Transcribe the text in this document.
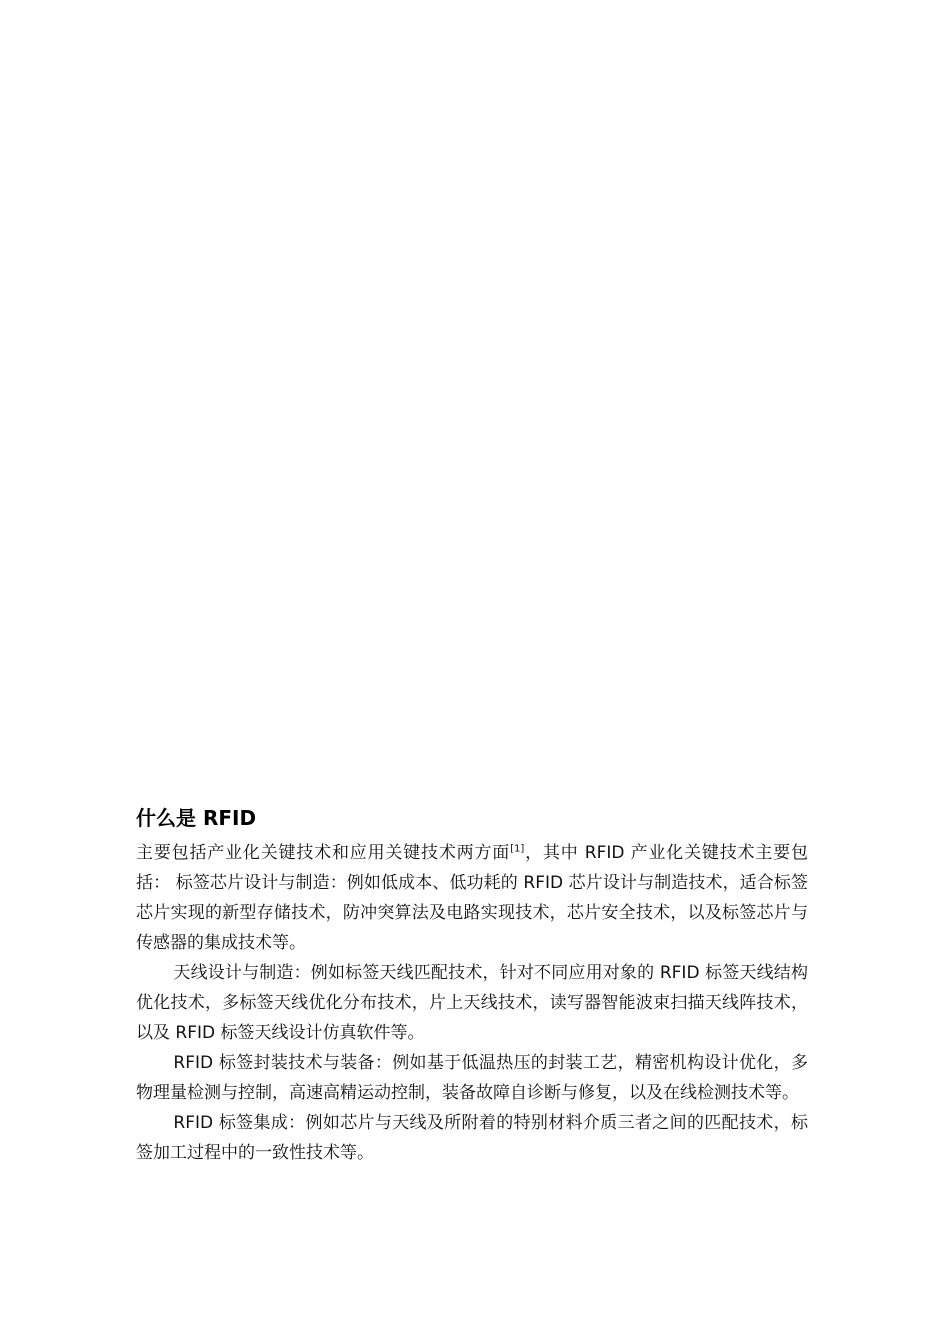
什么是 RFID

主要包括产业化关键技术和应用关键技术两方面[1]，其中 RFID 产业化关键技术主要包括： 标签芯片设计与制造：例如低成本、低功耗的 RFID 芯片设计与制造技术，适合标签芯片实现的新型存储技术，防冲突算法及电路实现技术，芯片安全技术，以及标签芯片与传感器的集成技术等。

天线设计与制造：例如标签天线匹配技术，针对不同应用对象的 RFID 标签天线结构优化技术，多标签天线优化分布技术，片上天线技术，读写器智能波束扫描天线阵技术，以及 RFID 标签天线设计仿真软件等。

RFID 标签封装技术与装备：例如基于低温热压的封装工艺，精密机构设计优化，多物理量检测与控制，高速高精运动控制，装备故障自诊断与修复，以及在线检测技术等。

RFID 标签集成：例如芯片与天线及所附着的特别材料介质三者之间的匹配技术，标签加工过程中的一致性技术等。
